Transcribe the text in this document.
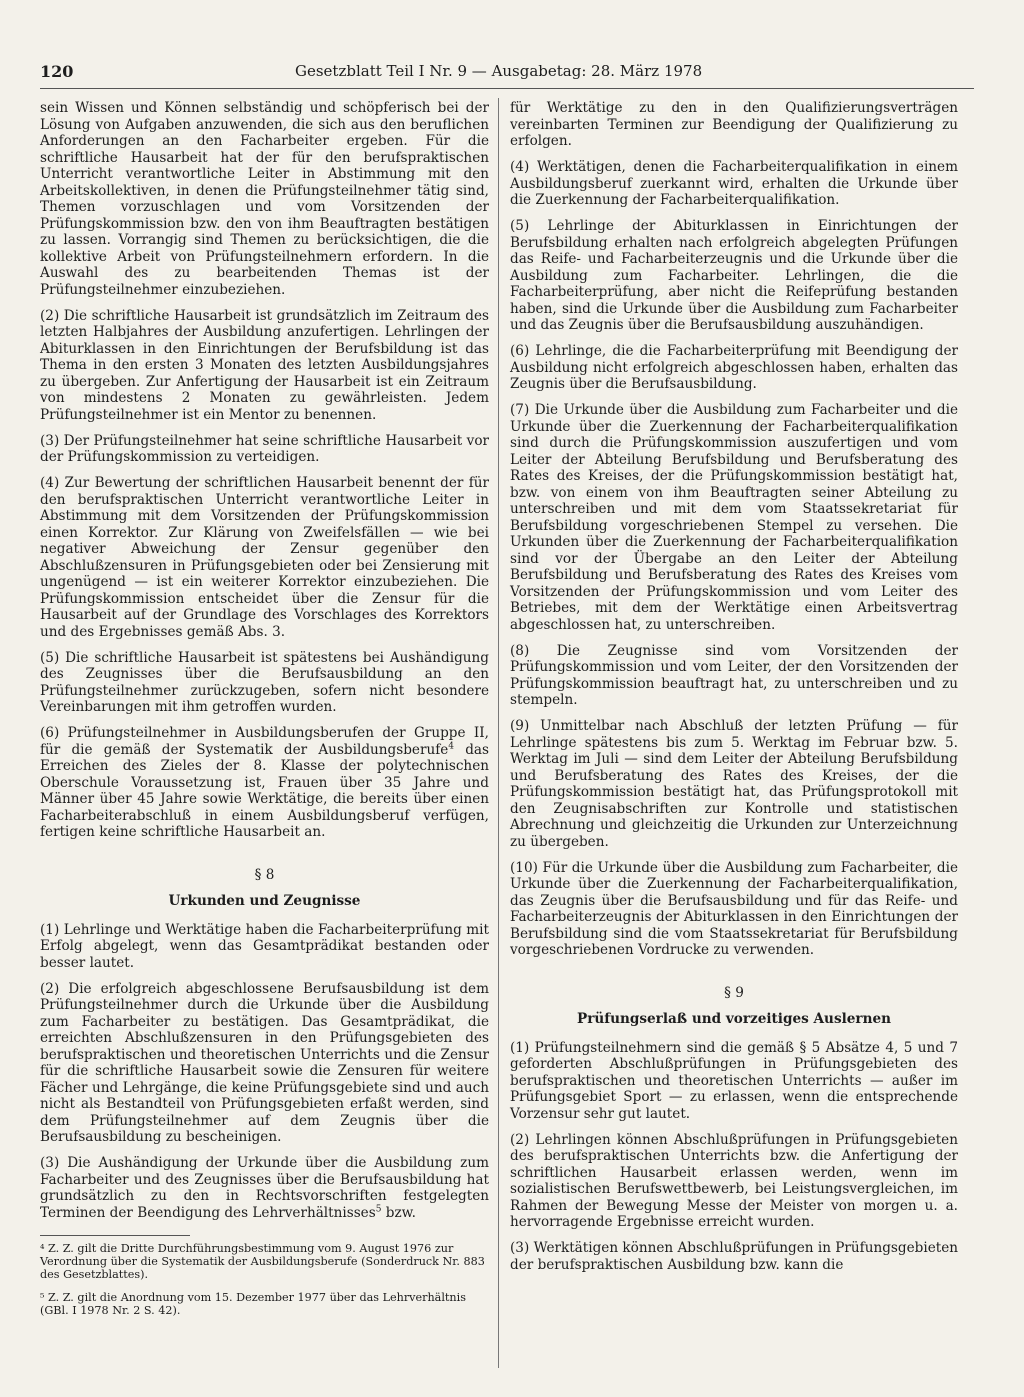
120	Gesetzblatt Teil I Nr. 9 — Ausgabetag: 28. März 1978

sein Wissen und Können selbständig und schöpferisch bei der Lösung von Aufgaben anzuwenden, die sich aus den beruflichen Anforderungen an den Facharbeiter ergeben. Für die schriftliche Hausarbeit hat der für den berufspraktischen Unterricht verantwortliche Leiter in Abstimmung mit den Arbeitskollektiven, in denen die Prüfungsteilnehmer tätig sind, Themen vorzuschlagen und vom Vorsitzenden der Prüfungskommission bzw. den von ihm Beauftragten bestätigen zu lassen. Vorrangig sind Themen zu berücksichtigen, die die kollektive Arbeit von Prüfungsteilnehmern erfordern. In die Auswahl des zu bearbeitenden Themas ist der Prüfungsteilnehmer einzubeziehen.

(2) Die schriftliche Hausarbeit ist grundsätzlich im Zeitraum des letzten Halbjahres der Ausbildung anzufertigen. Lehrlingen der Abiturklassen in den Einrichtungen der Berufsbildung ist das Thema in den ersten 3 Monaten des letzten Ausbildungsjahres zu übergeben. Zur Anfertigung der Hausarbeit ist ein Zeitraum von mindestens 2 Monaten zu gewährleisten. Jedem Prüfungsteilnehmer ist ein Mentor zu benennen.

(3) Der Prüfungsteilnehmer hat seine schriftliche Hausarbeit vor der Prüfungskommission zu verteidigen.

(4) Zur Bewertung der schriftlichen Hausarbeit benennt der für den berufspraktischen Unterricht verantwortliche Leiter in Abstimmung mit dem Vorsitzenden der Prüfungskommission einen Korrektor. Zur Klärung von Zweifelsfällen — wie bei negativer Abweichung der Zensur gegenüber den Abschlußzensuren in Prüfungsgebieten oder bei Zensierung mit ungenügend — ist ein weiterer Korrektor einzubeziehen. Die Prüfungskommission entscheidet über die Zensur für die Hausarbeit auf der Grundlage des Vorschlages des Korrektors und des Ergebnisses gemäß Abs. 3.

(5) Die schriftliche Hausarbeit ist spätestens bei Aushändigung des Zeugnisses über die Berufsausbildung an den Prüfungsteilnehmer zurückzugeben, sofern nicht besondere Vereinbarungen mit ihm getroffen wurden.

(6) Prüfungsteilnehmer in Ausbildungsberufen der Gruppe II, für die gemäß der Systematik der Ausbildungsberufe$^4$ das Erreichen des Zieles der 8. Klasse der polytechnischen Oberschule Voraussetzung ist, Frauen über 35 Jahre und Männer über 45 Jahre sowie Werktätige, die bereits über einen Facharbeiterabschluß in einem Ausbildungsberuf verfügen, fertigen keine schriftliche Hausarbeit an.

§ 8
Urkunden und Zeugnisse

(1) Lehrlinge und Werktätige haben die Facharbeiterprüfung mit Erfolg abgelegt, wenn das Gesamtprädikat bestanden oder besser lautet.

(2) Die erfolgreich abgeschlossene Berufsausbildung ist dem Prüfungsteilnehmer durch die Urkunde über die Ausbildung zum Facharbeiter zu bestätigen. Das Gesamtprädikat, die erreichten Abschlußzensuren in den Prüfungsgebieten des berufspraktischen und theoretischen Unterrichts und die Zensur für die schriftliche Hausarbeit sowie die Zensuren für weitere Fächer und Lehrgänge, die keine Prüfungsgebiete sind und auch nicht als Bestandteil von Prüfungsgebieten erfaßt werden, sind dem Prüfungsteilnehmer auf dem Zeugnis über die Berufsausbildung zu bescheinigen.

(3) Die Aushändigung der Urkunde über die Ausbildung zum Facharbeiter und des Zeugnisses über die Berufsausbildung hat grundsätzlich zu den in Rechtsvorschriften festgelegten Terminen der Beendigung des Lehrverhältnisses$^5$ bzw.

⁴ Z. Z. gilt die Dritte Durchführungsbestimmung vom 9. August 1976 zur Verordnung über die Systematik der Ausbildungsberufe (Sonderdruck Nr. 883 des Gesetzblattes).

⁵ Z. Z. gilt die Anordnung vom 15. Dezember 1977 über das Lehrverhältnis (GBl. I 1978 Nr. 2 S. 42).

für Werktätige zu den in den Qualifizierungsverträgen vereinbarten Terminen zur Beendigung der Qualifizierung zu erfolgen.

(4) Werktätigen, denen die Facharbeiterqualifikation in einem Ausbildungsberuf zuerkannt wird, erhalten die Urkunde über die Zuerkennung der Facharbeiterqualifikation.

(5) Lehrlinge der Abiturklassen in Einrichtungen der Berufsbildung erhalten nach erfolgreich abgelegten Prüfungen das Reife- und Facharbeiterzeugnis und die Urkunde über die Ausbildung zum Facharbeiter. Lehrlingen, die die Facharbeiterprüfung, aber nicht die Reifeprüfung bestanden haben, sind die Urkunde über die Ausbildung zum Facharbeiter und das Zeugnis über die Berufsausbildung auszuhändigen.

(6) Lehrlinge, die die Facharbeiterprüfung mit Beendigung der Ausbildung nicht erfolgreich abgeschlossen haben, erhalten das Zeugnis über die Berufsausbildung.

(7) Die Urkunde über die Ausbildung zum Facharbeiter und die Urkunde über die Zuerkennung der Facharbeiterqualifikation sind durch die Prüfungskommission auszufertigen und vom Leiter der Abteilung Berufsbildung und Berufsberatung des Rates des Kreises, der die Prüfungskommission bestätigt hat, bzw. von einem von ihm Beauftragten seiner Abteilung zu unterschreiben und mit dem vom Staatssekretariat für Berufsbildung vorgeschriebenen Stempel zu versehen. Die Urkunden über die Zuerkennung der Facharbeiterqualifikation sind vor der Übergabe an den Leiter der Abteilung Berufsbildung und Berufsberatung des Rates des Kreises vom Vorsitzenden der Prüfungskommission und vom Leiter des Betriebes, mit dem der Werktätige einen Arbeitsvertrag abgeschlossen hat, zu unterschreiben.

(8) Die Zeugnisse sind vom Vorsitzenden der Prüfungskommission und vom Leiter, der den Vorsitzenden der Prüfungskommission beauftragt hat, zu unterschreiben und zu stempeln.

(9) Unmittelbar nach Abschluß der letzten Prüfung — für Lehrlinge spätestens bis zum 5. Werktag im Februar bzw. 5. Werktag im Juli — sind dem Leiter der Abteilung Berufsbildung und Berufsberatung des Rates des Kreises, der die Prüfungskommission bestätigt hat, das Prüfungsprotokoll mit den Zeugnisabschriften zur Kontrolle und statistischen Abrechnung und gleichzeitig die Urkunden zur Unterzeichnung zu übergeben.

(10) Für die Urkunde über die Ausbildung zum Facharbeiter, die Urkunde über die Zuerkennung der Facharbeiterqualifikation, das Zeugnis über die Berufsausbildung und für das Reife- und Facharbeiterzeugnis der Abiturklassen in den Einrichtungen der Berufsbildung sind die vom Staatssekretariat für Berufsbildung vorgeschriebenen Vordrucke zu verwenden.

§ 9
Prüfungserlaß und vorzeitiges Auslernen

(1) Prüfungsteilnehmern sind die gemäß § 5 Absätze 4, 5 und 7 geforderten Abschlußprüfungen in Prüfungsgebieten des berufspraktischen und theoretischen Unterrichts — außer im Prüfungsgebiet Sport — zu erlassen, wenn die entsprechende Vorzensur sehr gut lautet.

(2) Lehrlingen können Abschlußprüfungen in Prüfungsgebieten des berufspraktischen Unterrichts bzw. die Anfertigung der schriftlichen Hausarbeit erlassen werden, wenn im sozialistischen Berufswettbewerb, bei Leistungsvergleichen, im Rahmen der Bewegung Messe der Meister von morgen u. a. hervorragende Ergebnisse erreicht wurden.

(3) Werktätigen können Abschlußprüfungen in Prüfungsgebieten der berufspraktischen Ausbildung bzw. kann die
